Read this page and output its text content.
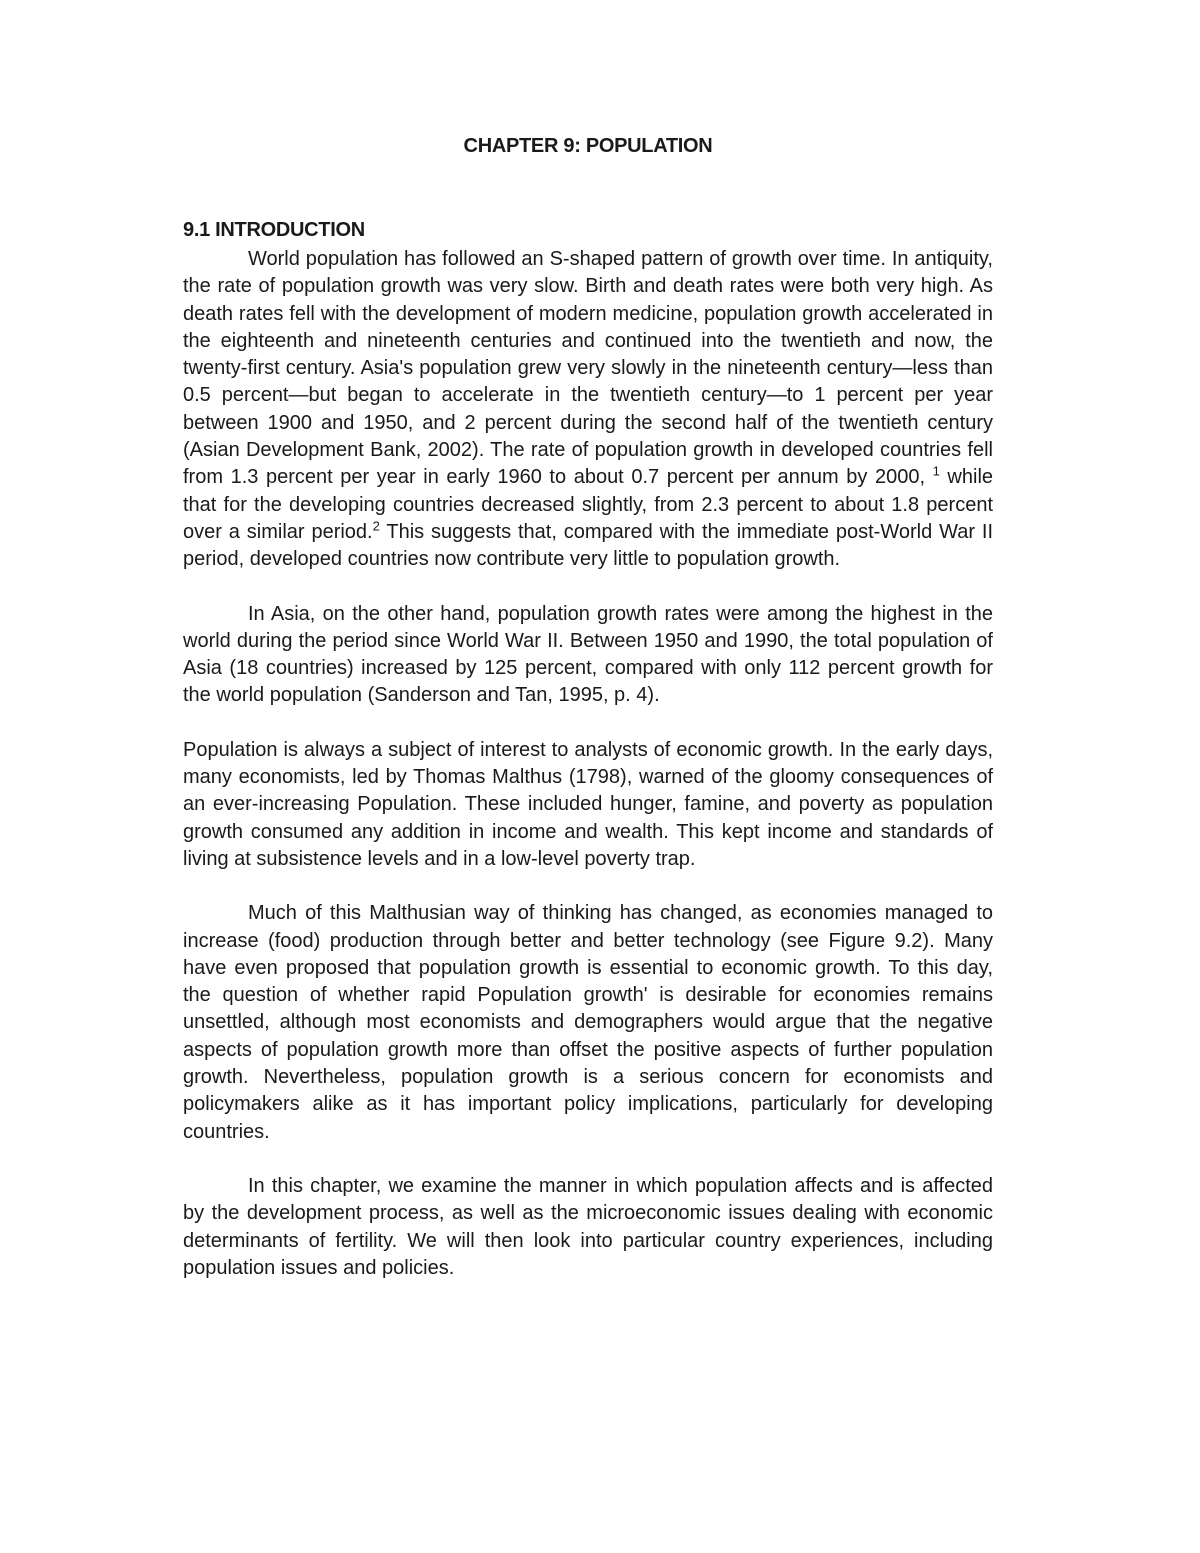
CHAPTER 9: POPULATION
9.1 INTRODUCTION

World population has followed an S-shaped pattern of growth over time. In antiquity, the rate of population growth was very slow. Birth and death rates were both very high. As death rates fell with the development of modern medicine, population growth accelerated in the eighteenth and nineteenth centuries and continued into the twentieth and now, the twenty-first century. Asia's population grew very slowly in the nineteenth century—less than 0.5 percent—but began to accelerate in the twentieth century—to 1 percent per year between 1900 and 1950, and 2 percent during the second half of the twentieth century (Asian Development Bank, 2002). The rate of population growth in developed countries fell from 1.3 percent per year in early 1960 to about 0.7 percent per annum by 2000, $^1$ while that for the developing countries decreased slightly, from 2.3 percent to about 1.8 percent over a similar period.$^2$ This suggests that, compared with the immediate post-World War II period, developed countries now contribute very little to population growth.

In Asia, on the other hand, population growth rates were among the highest in the world during the period since World War II. Between 1950 and 1990, the total population of Asia (18 countries) increased by 125 percent, compared with only 112 percent growth for the world population (Sanderson and Tan, 1995, p. 4).

Population is always a subject of interest to analysts of economic growth. In the early days, many economists, led by Thomas Malthus (1798), warned of the gloomy consequences of an ever-increasing Population. These included hunger, famine, and poverty as population growth consumed any addition in income and wealth. This kept income and standards of living at subsistence levels and in a low-level poverty trap.

Much of this Malthusian way of thinking has changed, as economies managed to increase (food) production through better and better technology (see Figure 9.2). Many have even proposed that population growth is essential to economic growth. To this day, the question of whether rapid Population growth' is desirable for economies remains unsettled, although most economists and demographers would argue that the negative aspects of population growth more than offset the positive aspects of further population growth. Nevertheless, population growth is a serious concern for economists and policymakers alike as it has important policy implications, particularly for developing countries.

In this chapter, we examine the manner in which population affects and is affected by the development process, as well as the microeconomic issues dealing with economic determinants of fertility. We will then look into particular country experiences, including population issues and policies.
